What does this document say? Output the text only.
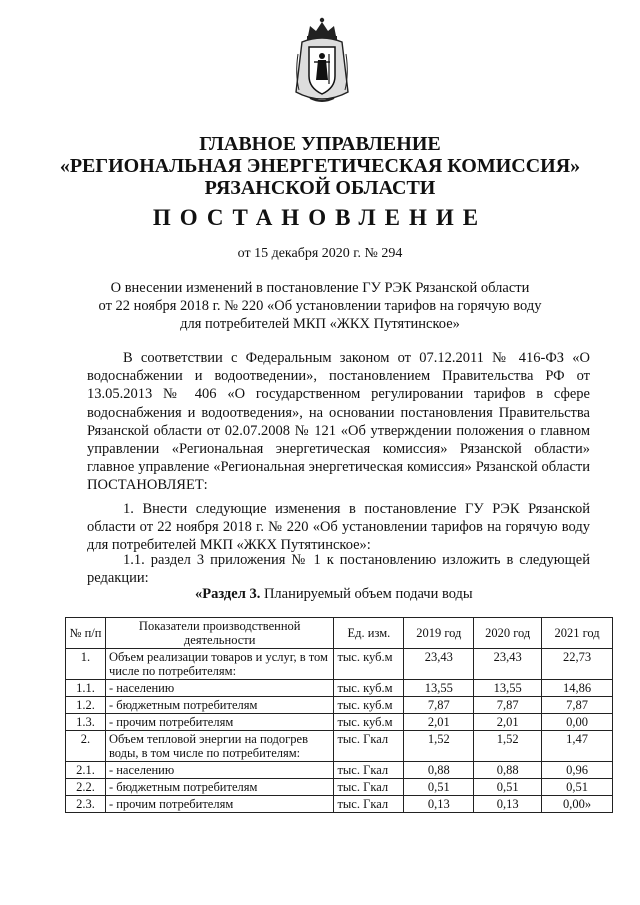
ГЛАВНОЕ УПРАВЛЕНИЕ
«РЕГИОНАЛЬНАЯ ЭНЕРГЕТИЧЕСКАЯ КОМИССИЯ»
РЯЗАНСКОЙ ОБЛАСТИ
ПОСТАНОВЛЕНИЕ
от 15 декабря 2020 г. № 294
О внесении изменений в постановление ГУ РЭК Рязанской области
от 22 ноября 2018 г. № 220 «Об установлении тарифов на горячую воду
для потребителей МКП «ЖКХ Путятинское»
В соответствии с Федеральным законом от 07.12.2011 № 416-ФЗ «О водоснабжении и водоотведении», постановлением Правительства РФ от 13.05.2013 № 406 «О государственном регулировании тарифов в сфере водоснабжения и водоотведения», на основании постановления Правительства Рязанской области от 02.07.2008 № 121 «Об утверждении положения о главном управлении «Региональная энергетическая комиссия» Рязанской области» главное управление «Региональная энергетическая комиссия» Рязанской области ПОСТАНОВЛЯЕТ:
1. Внести следующие изменения в постановление ГУ РЭК Рязанской области от 22 ноября 2018 г. № 220 «Об установлении тарифов на горячую воду для потребителей МКП «ЖКХ Путятинское»:
1.1. раздел 3 приложения № 1 к постановлению изложить в следующей редакции:
«Раздел 3. Планируемый объем подачи воды
№ п/п	Показатели производственной деятельности	Ед. изм.	2019 год	2020 год	2021 год
1.	Объем реализации товаров и услуг, в том числе по потребителям:	тыс. куб.м	23,43	23,43	22,73
1.1.	- населению	тыс. куб.м	13,55	13,55	14,86
1.2.	- бюджетным потребителям	тыс. куб.м	7,87	7,87	7,87
1.3.	- прочим потребителям	тыс. куб.м	2,01	2,01	0,00
2.	Объем тепловой энергии на подогрев воды, в том числе по потребителям:	тыс. Гкал	1,52	1,52	1,47
2.1.	- населению	тыс. Гкал	0,88	0,88	0,96
2.2.	- бюджетным потребителям	тыс. Гкал	0,51	0,51	0,51
2.3.	- прочим потребителям	тыс. Гкал	0,13	0,13	0,00»
